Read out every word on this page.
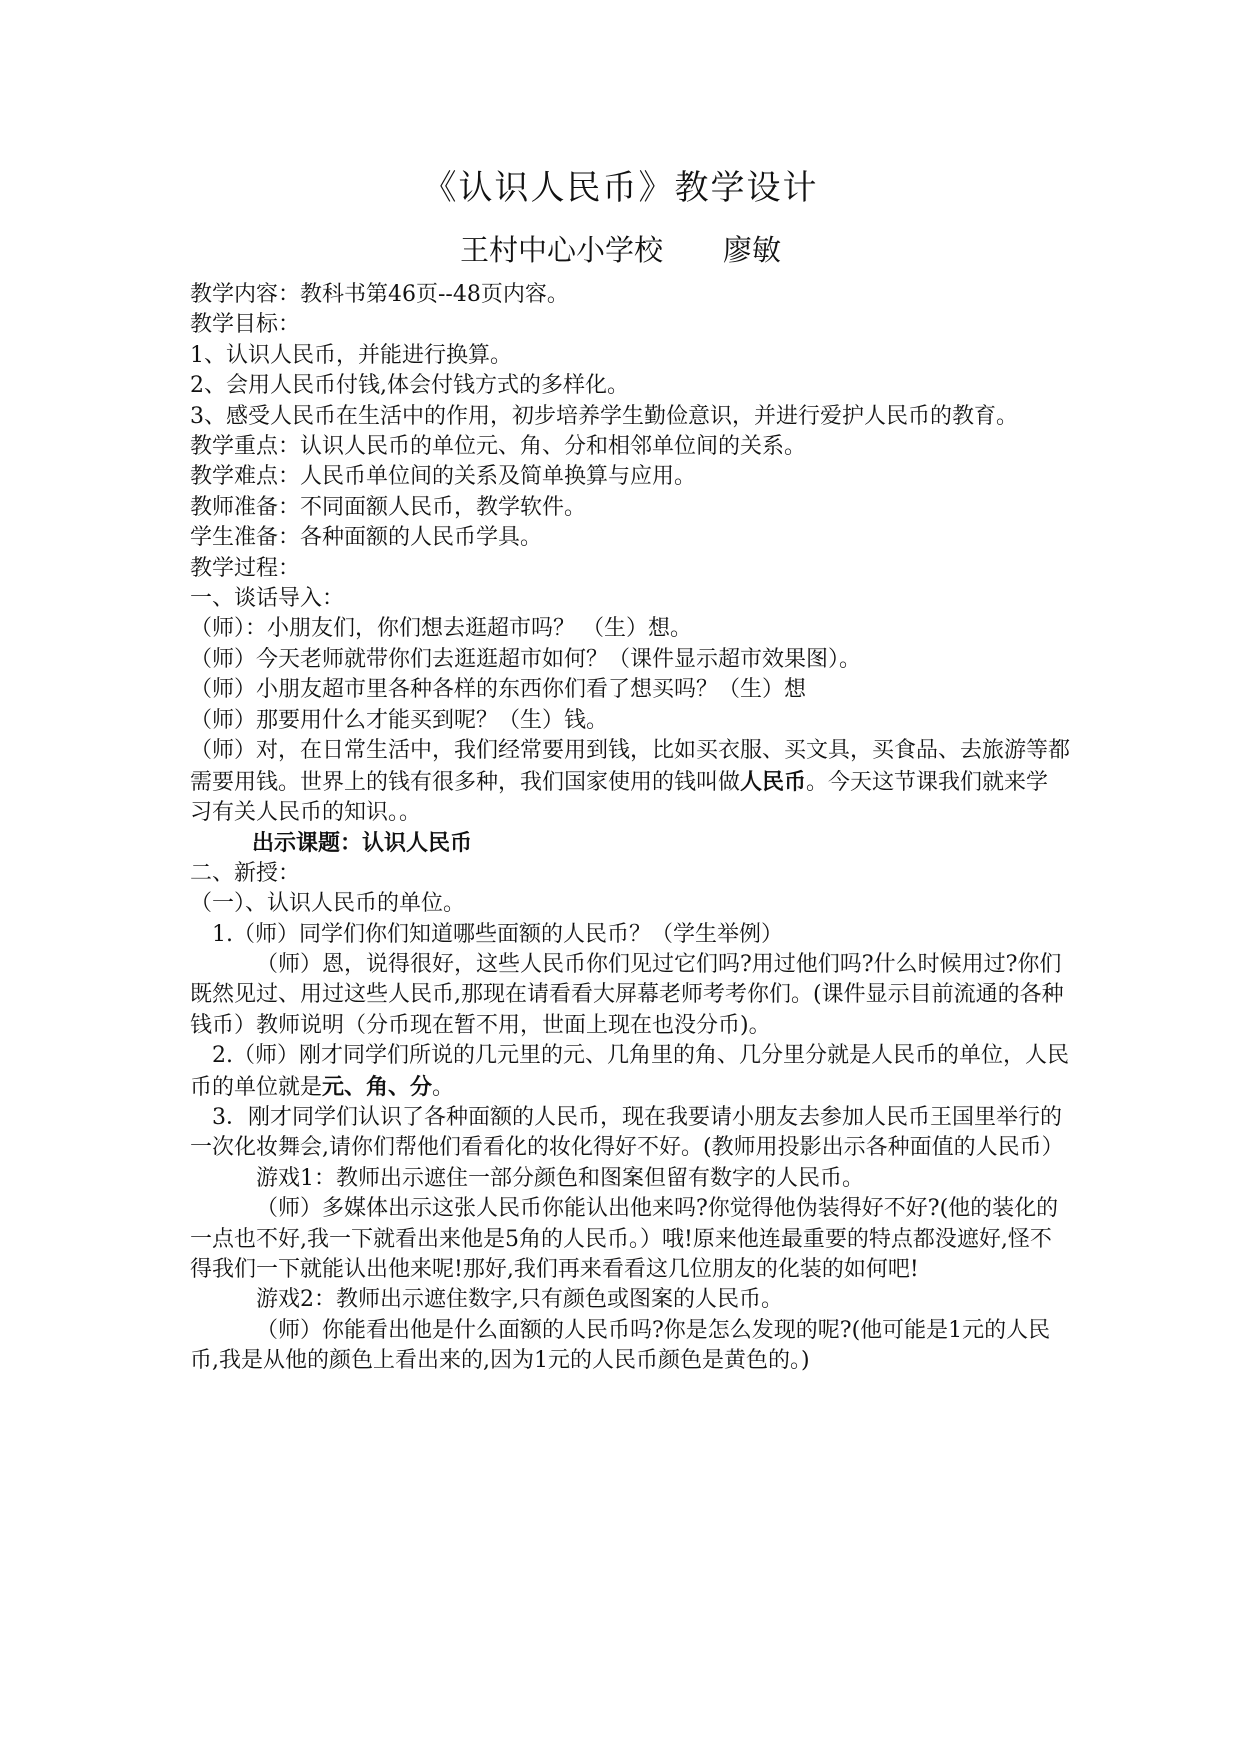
《认识人民币》教学设计
王村中心小学校 廖敏

教学内容：教科书第46页--48页内容。

教学目标：

1、认识人民币，并能进行换算。

2、会用人民币付钱,体会付钱方式的多样化。

3、感受人民币在生活中的作用，初步培养学生勤俭意识，并进行爱护人民币的教育。

教学重点：认识人民币的单位元、角、分和相邻单位间的关系。

教学难点：人民币单位间的关系及简单换算与应用。

教师准备：不同面额人民币，教学软件。

学生准备：各种面额的人民币学具。

教学过程：

一、谈话导入：

（师）：小朋友们，你们想去逛超市吗？ （生）想。

（师）今天老师就带你们去逛逛超市如何？（课件显示超市效果图）。

（师）小朋友超市里各种各样的东西你们看了想买吗？（生）想

（师）那要用什么才能买到呢？（生）钱。

（师）对，在日常生活中，我们经常要用到钱，比如买衣服、买文具，买食品、去旅游等都需要用钱。世界上的钱有很多种，我们国家使用的钱叫做人民币。今天这节课我们就来学习有关人民币的知识。。

出示课题：认识人民币

二、新授：

（一）、认识人民币的单位。

1.（师）同学们你们知道哪些面额的人民币？（学生举例）

（师）恩，说得很好，这些人民币你们见过它们吗?用过他们吗?什么时候用过?你们既然见过、用过这些人民币,那现在请看看大屏幕老师考考你们。(课件显示目前流通的各种钱币）教师说明（分币现在暂不用，世面上现在也没分币)。

2.（师）刚才同学们所说的几元里的元、几角里的角、几分里分就是人民币的单位，人民币的单位就是元、角、分。

3．刚才同学们认识了各种面额的人民币，现在我要请小朋友去参加人民币王国里举行的一次化妆舞会,请你们帮他们看看化的妆化得好不好。(教师用投影出示各种面值的人民币）

游戏1：教师出示遮住一部分颜色和图案但留有数字的人民币。

（师）多媒体出示这张人民币你能认出他来吗?你觉得他伪装得好不好?(他的装化的一点也不好,我一下就看出来他是5角的人民币。）哦!原来他连最重要的特点都没遮好,怪不得我们一下就能认出他来呢!那好,我们再来看看这几位朋友的化装的如何吧!

游戏2：教师出示遮住数字,只有颜色或图案的人民币。

（师）你能看出他是什么面额的人民币吗?你是怎么发现的呢?(他可能是1元的人民币,我是从他的颜色上看出来的,因为1元的人民币颜色是黄色的。)
